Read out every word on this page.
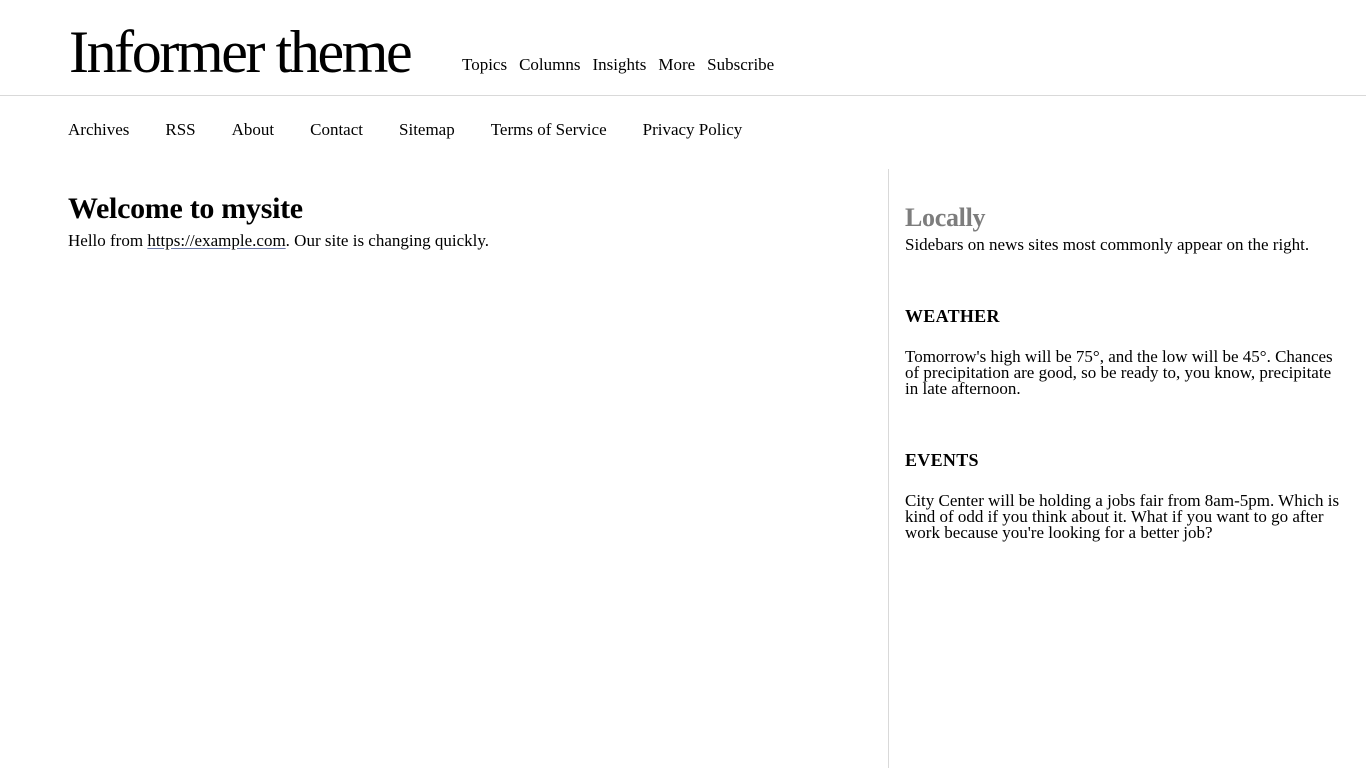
Informer theme	Topics Columns Insights More Subscribe
Archives RSS About Contact Sitemap Terms of Service Privacy Policy
Welcome to mysite

Hello from https://example.com. Our site is changing quickly.

Locally

Sidebars on news sites most commonly appear on the right.

WEATHER

Tomorrow's high will be 75°, and the low will be 45°. Chances of precipitation are good, so be ready to, you know, precipitate in late afternoon.

EVENTS

City Center will be holding a jobs fair from 8am-5pm. Which is kind of odd if you think about it. What if you want to go after work because you're looking for a better job?
